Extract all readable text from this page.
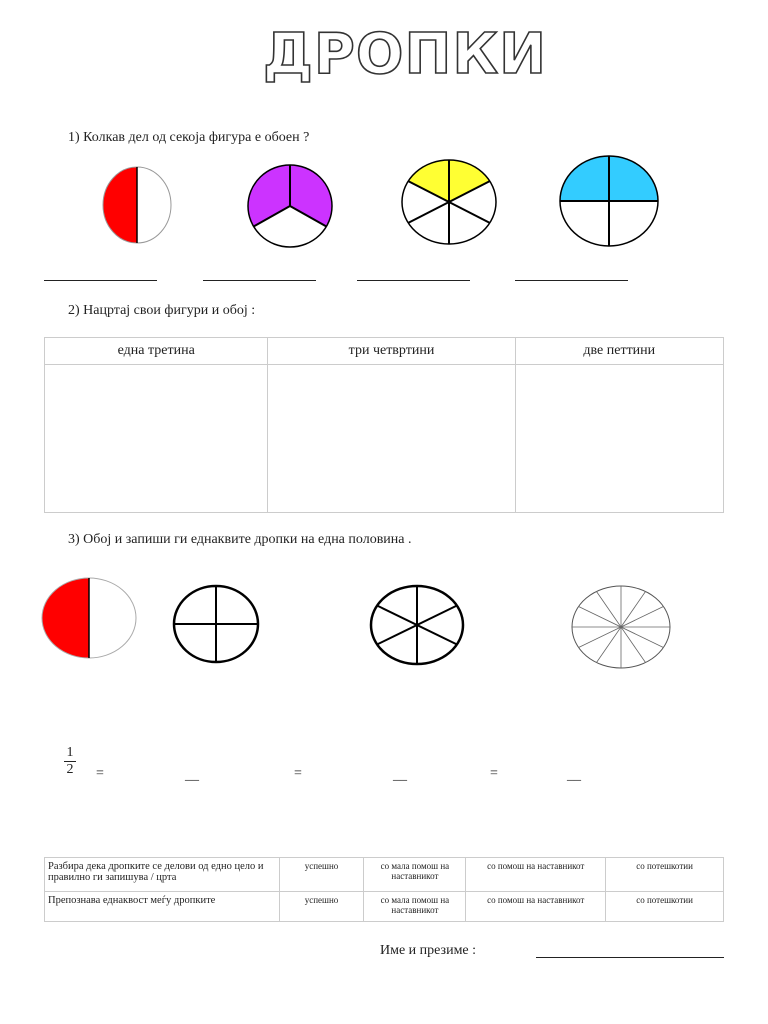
ДРОПКИ
1) Колкав дел од секоја фигура е обоен ?
2) Нацртај свои фигури и обој :
една третина	три четвртини	две петтини

3) Обој и запиши ги еднаквите дропки на една половина .
1
2 =	__	=	__	=	__
Разбира дека дропките се делови од едно цело и правилно ги запишува / црта	успешно	со мала помош на наставникот	со помош на наставникот	со потешкотии
Препознава еднаквост меѓу дропките	успешно	со мала помош на наставникот	со помош на наставникот	со потешкотии
Име и презиме :
